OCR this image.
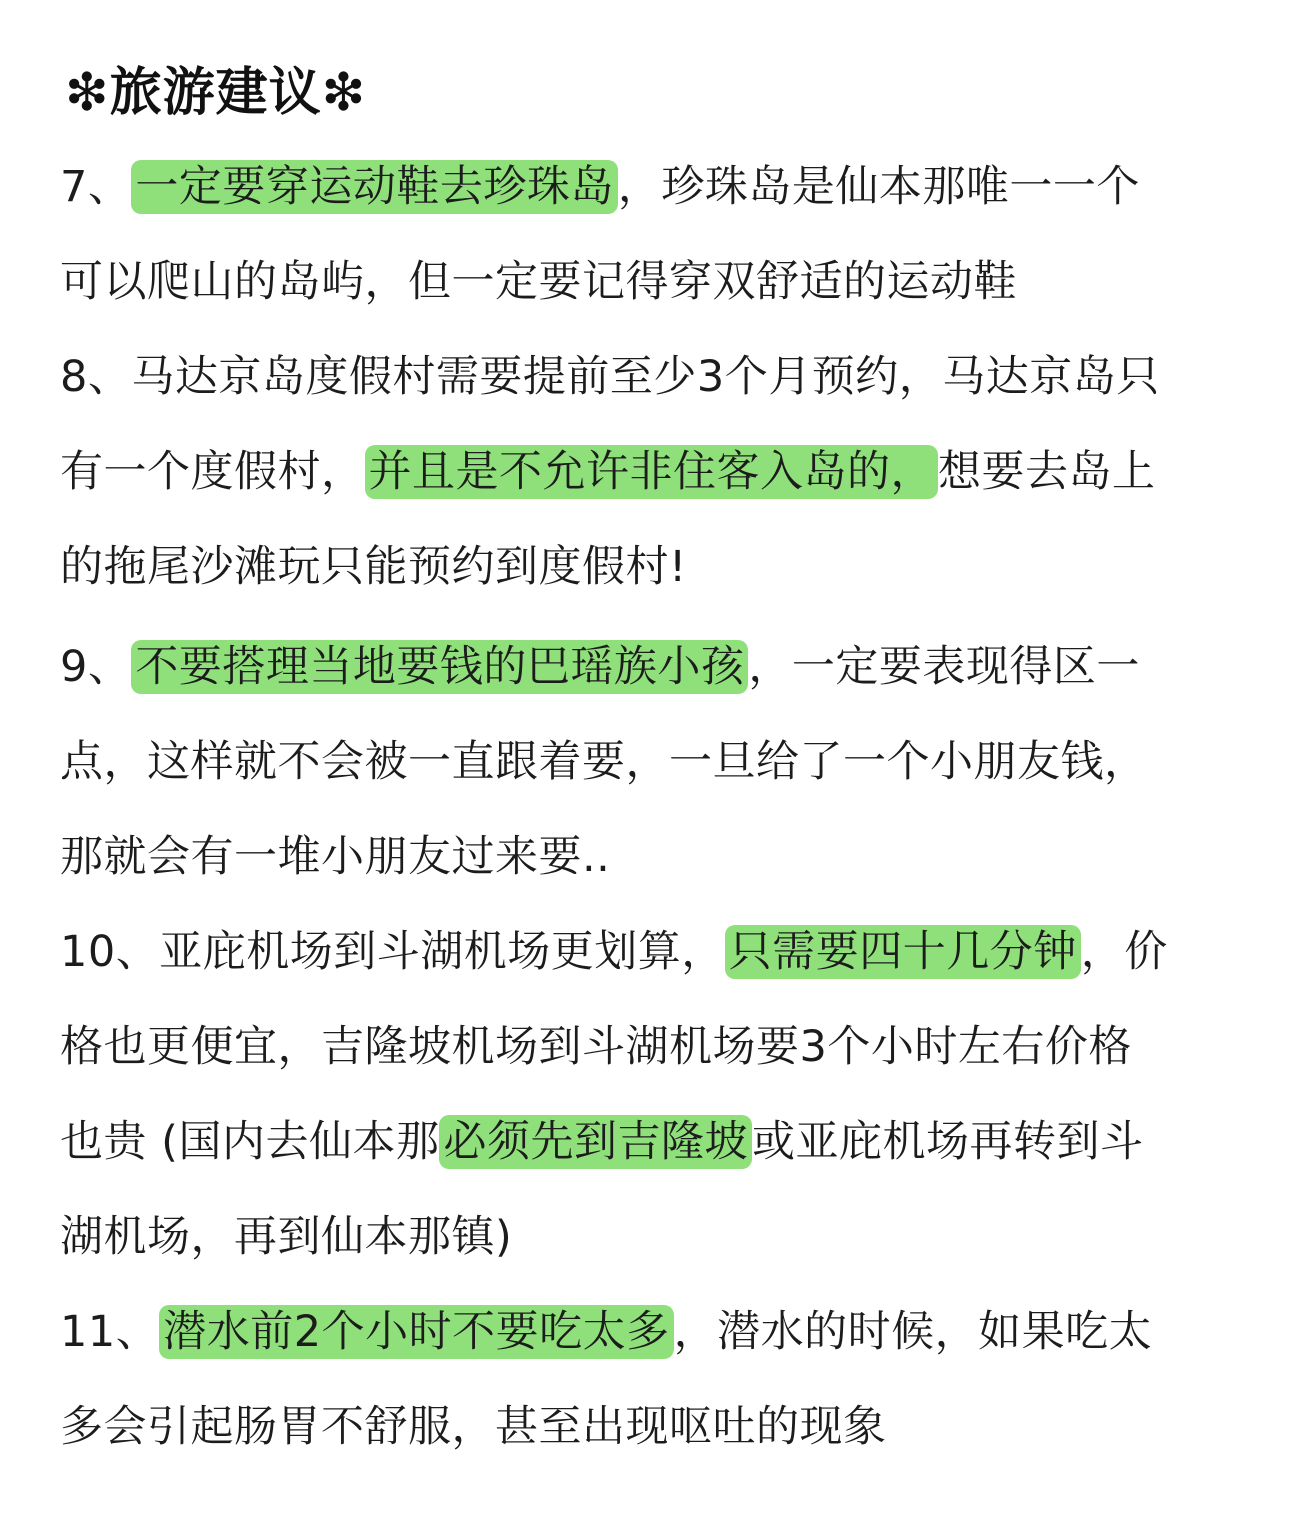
❇旅游建议❇
7、一定要穿运动鞋去珍珠岛，珍珠岛是仙本那唯一一个
可以爬山的岛屿，但一定要记得穿双舒适的运动鞋
8、马达京岛度假村需要提前至少3个月预约，马达京岛只
有一个度假村，并且是不允许非住客入岛的，想要去岛上
的拖尾沙滩玩只能预约到度假村!
9、不要搭理当地要钱的巴瑶族小孩，一定要表现得区一
点，这样就不会被一直跟着要，一旦给了一个小朋友钱，
那就会有一堆小朋友过来要..
10、亚庇机场到斗湖机场更划算，只需要四十几分钟，价
格也更便宜，吉隆坡机场到斗湖机场要3个小时左右价格
也贵 (国内去仙本那必须先到吉隆坡或亚庇机场再转到斗
湖机场，再到仙本那镇)
11、潜水前2个小时不要吃太多，潜水的时候，如果吃太
多会引起肠胃不舒服，甚至出现呕吐的现象
